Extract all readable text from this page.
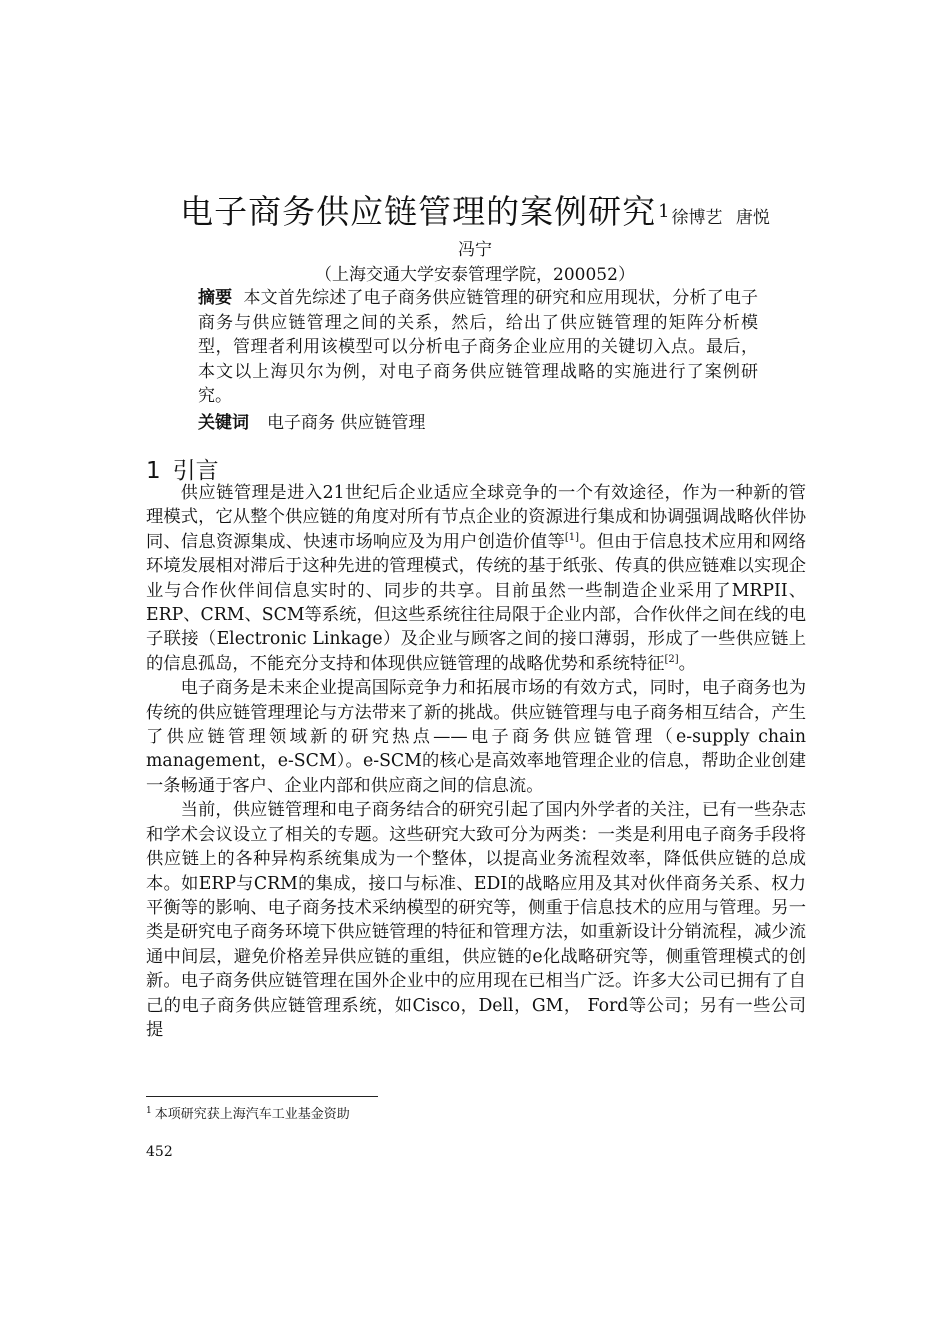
电子商务供应链管理的案例研究 1 徐博艺 唐悦
冯宁
（上海交通大学安泰管理学院，200052）
摘要 本文首先综述了电子商务供应链管理的研究和应用现状，分析了电子商务与供应链管理之间的关系，然后，给出了供应链管理的矩阵分析模型，管理者利用该模型可以分析电子商务企业应用的关键切入点。最后，本文以上海贝尔为例，对电子商务供应链管理战略的实施进行了案例研究。
关键词 电子商务 供应链管理
1 引言

供应链管理是进入21世纪后企业适应全球竞争的一个有效途径，作为一种新的管理模式，它从整个供应链的角度对所有节点企业的资源进行集成和协调强调战略伙伴协同、信息资源集成、快速市场响应及为用户创造价值等[1]。但由于信息技术应用和网络环境发展相对滞后于这种先进的管理模式，传统的基于纸张、传真的供应链难以实现企业与合作伙伴间信息实时的、同步的共享。目前虽然一些制造企业采用了MRPII、ERP、CRM、SCM等系统，但这些系统往往局限于企业内部，合作伙伴之间在线的电子联接（Electronic Linkage）及企业与顾客之间的接口薄弱，形成了一些供应链上的信息孤岛，不能充分支持和体现供应链管理的战略优势和系统特征[2]。

电子商务是未来企业提高国际竞争力和拓展市场的有效方式，同时，电子商务也为传统的供应链管理理论与方法带来了新的挑战。供应链管理与电子商务相互结合，产生了供应链管理领域新的研究热点——电子商务供应链管理（e-supply chain management，e-SCM）。e-SCM的核心是高效率地管理企业的信息，帮助企业创建一条畅通于客户、企业内部和供应商之间的信息流。

当前，供应链管理和电子商务结合的研究引起了国内外学者的关注，已有一些杂志和学术会议设立了相关的专题。这些研究大致可分为两类：一类是利用电子商务手段将供应链上的各种异构系统集成为一个整体，以提高业务流程效率，降低供应链的总成本。如ERP与CRM的集成，接口与标准、EDI的战略应用及其对伙伴商务关系、权力平衡等的影响、电子商务技术采纳模型的研究等，侧重于信息技术的应用与管理。另一类是研究电子商务环境下供应链管理的特征和管理方法，如重新设计分销流程，减少流通中间层，避免价格差异供应链的重组，供应链的e化战略研究等，侧重管理模式的创新。电子商务供应链管理在国外企业中的应用现在已相当广泛。许多大公司已拥有了自己的电子商务供应链管理系统，如Cisco，Dell，GM， Ford等公司；另有一些公司提

$^1$ 本项研究获上海汽车工业基金资助
452
